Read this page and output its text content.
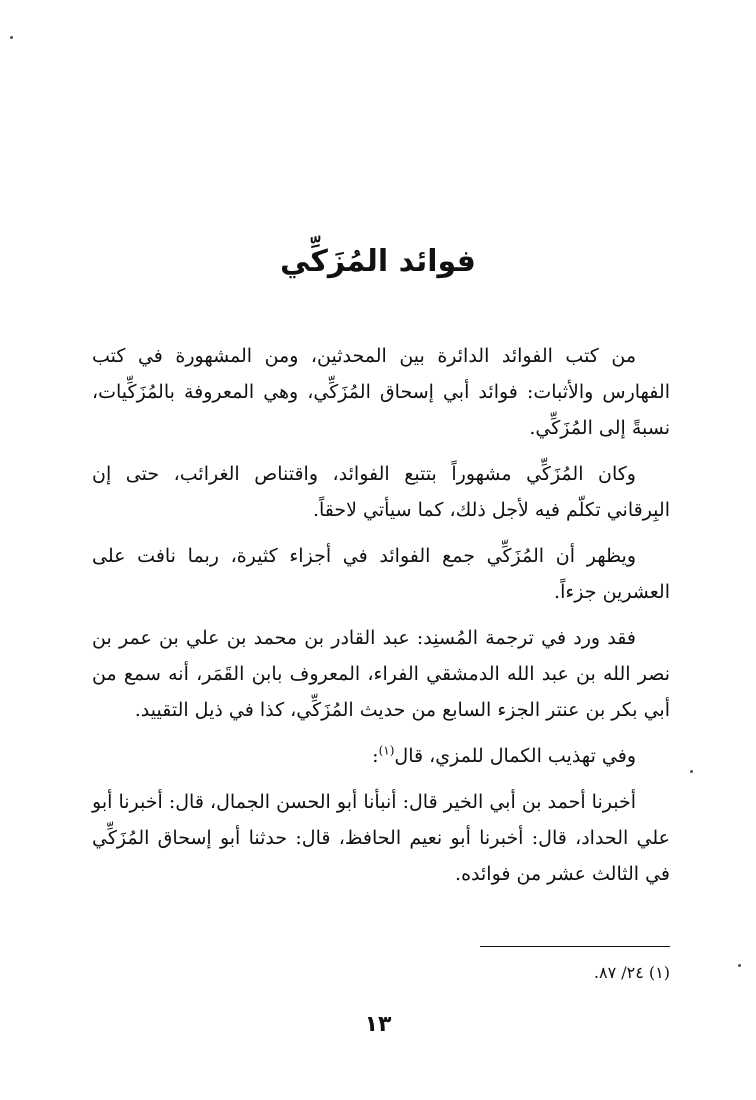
فوائد المُزَكِّي

من كتب الفوائد الدائرة بين المحدثين، ومن المشهورة في كتب الفهارس والأثبات: فوائد أبي إسحاق المُزَكِّي، وهي المعروفة بالمُزَكِّيات، نسبةً إلى المُزَكِّي.

وكان المُزَكِّي مشهوراً بتتبع الفوائد، واقتناص الغرائب، حتى إن البِرقاني تكلّم فيه لأجل ذلك، كما سيأتي لاحقاً.

ويظهر أن المُزَكِّي جمع الفوائد في أجزاء كثيرة، ربما نافت على العشرين جزءاً.

فقد ورد في ترجمة المُسنِد: عبد القادر بن محمد بن علي بن عمر بن نصر الله بن عبد الله الدمشقي الفراء، المعروف بابن القَمَر، أنه سمع من أبي بكر بن عنتر الجزء السابع من حديث المُزَكِّي، كذا في ذيل التقييد.

وفي تهذيب الكمال للمزي، قال$^{(١)}$:

أخبرنا أحمد بن أبي الخير قال: أنبأنا أبو الحسن الجمال، قال: أخبرنا أبو علي الحداد، قال: أخبرنا أبو نعيم الحافظ، قال: حدثنا أبو إسحاق المُزَكِّي في الثالث عشر من فوائده.

(١) ٢٤/ ٨٧.
١٣
